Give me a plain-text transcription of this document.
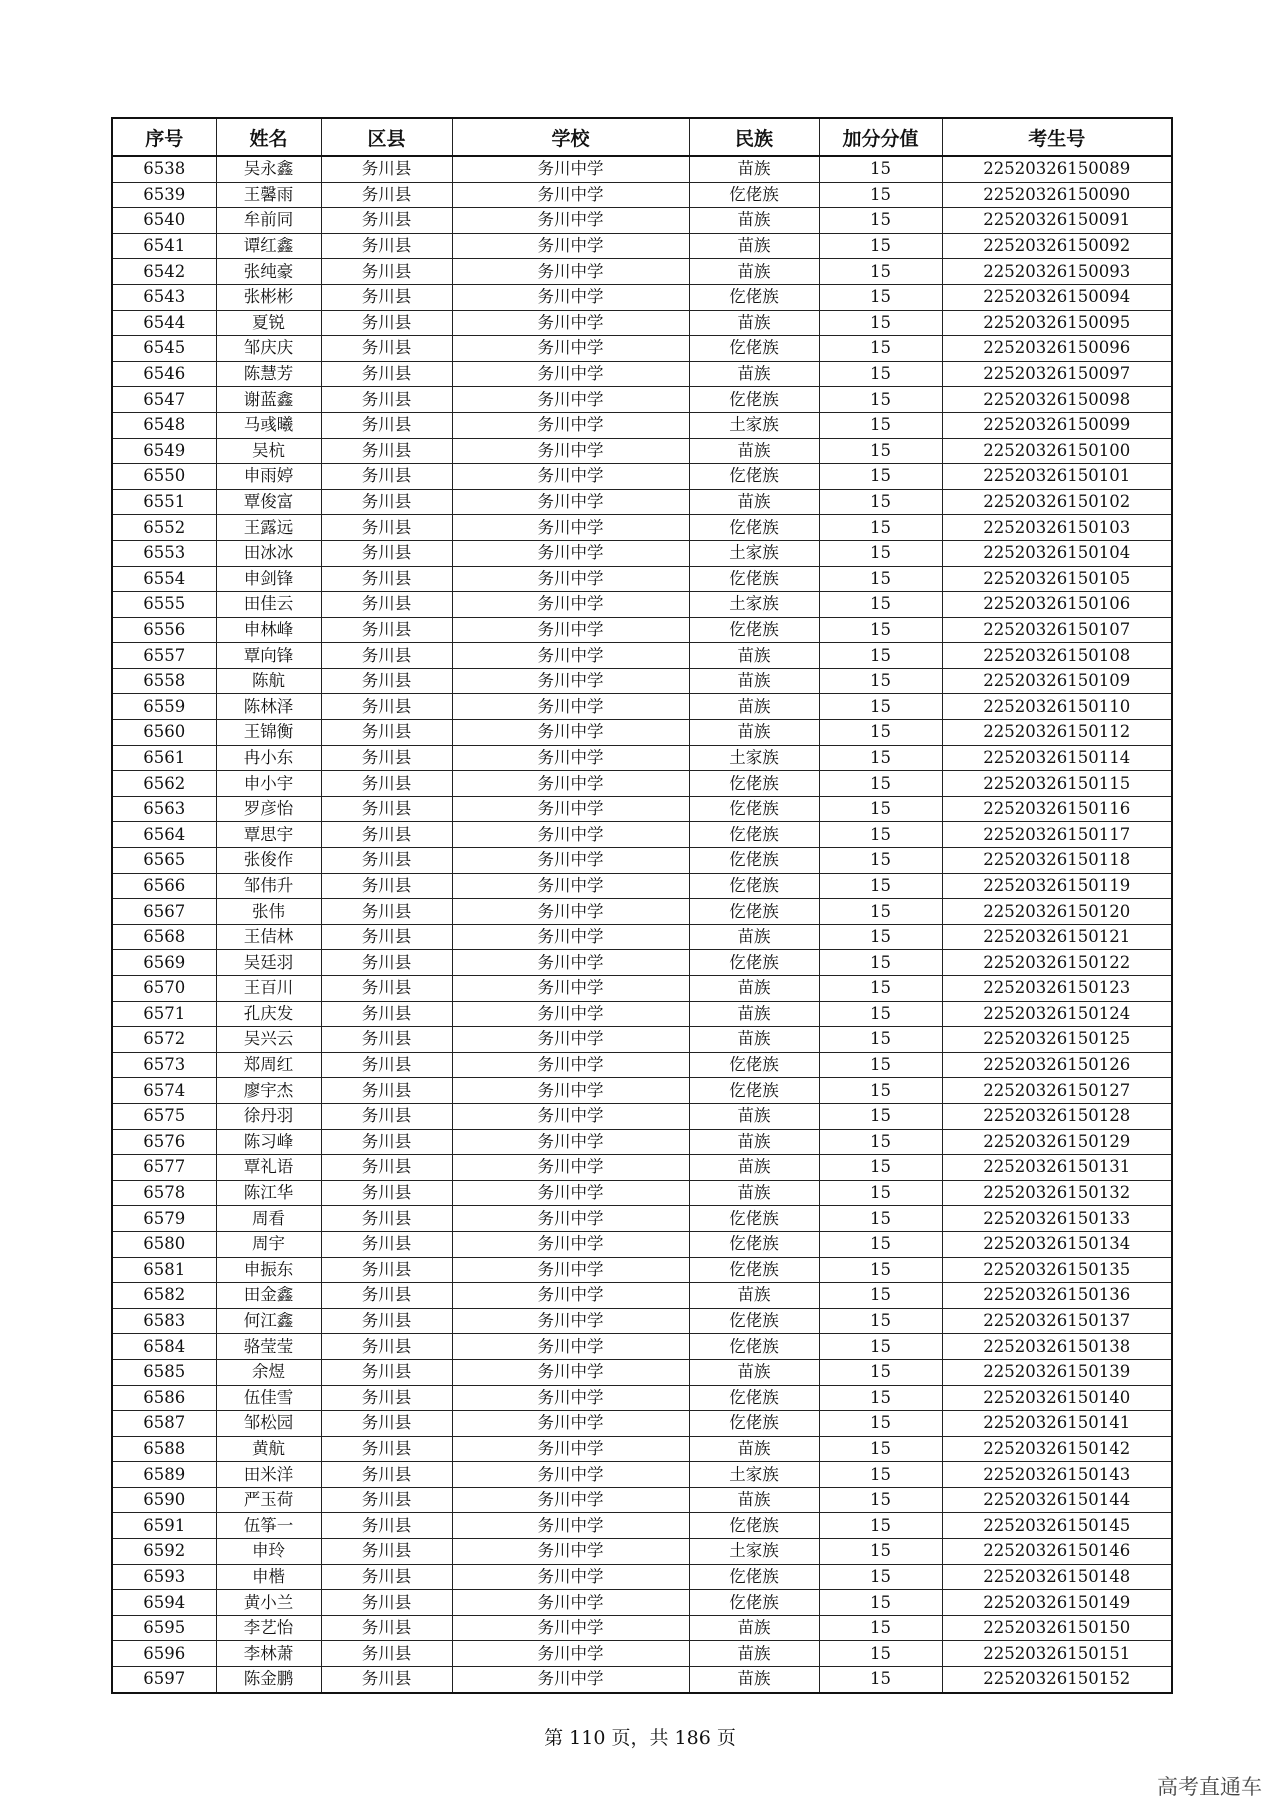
序号	姓名	区县	学校	民族	加分分值	考生号
6538	吴永鑫	务川县	务川中学	苗族	15	22520326150089
6539	王馨雨	务川县	务川中学	仡佬族	15	22520326150090
6540	牟前同	务川县	务川中学	苗族	15	22520326150091
6541	谭红鑫	务川县	务川中学	苗族	15	22520326150092
6542	张纯豪	务川县	务川中学	苗族	15	22520326150093
6543	张彬彬	务川县	务川中学	仡佬族	15	22520326150094
6544	夏锐	务川县	务川中学	苗族	15	22520326150095
6545	邹庆庆	务川县	务川中学	仡佬族	15	22520326150096
6546	陈慧芳	务川县	务川中学	苗族	15	22520326150097
6547	谢蓝鑫	务川县	务川中学	仡佬族	15	22520326150098
6548	马彧曦	务川县	务川中学	土家族	15	22520326150099
6549	吴杭	务川县	务川中学	苗族	15	22520326150100
6550	申雨婷	务川县	务川中学	仡佬族	15	22520326150101
6551	覃俊富	务川县	务川中学	苗族	15	22520326150102
6552	王露远	务川县	务川中学	仡佬族	15	22520326150103
6553	田冰冰	务川县	务川中学	土家族	15	22520326150104
6554	申剑锋	务川县	务川中学	仡佬族	15	22520326150105
6555	田佳云	务川县	务川中学	土家族	15	22520326150106
6556	申林峰	务川县	务川中学	仡佬族	15	22520326150107
6557	覃向锋	务川县	务川中学	苗族	15	22520326150108
6558	陈航	务川县	务川中学	苗族	15	22520326150109
6559	陈林泽	务川县	务川中学	苗族	15	22520326150110
6560	王锦衡	务川县	务川中学	苗族	15	22520326150112
6561	冉小东	务川县	务川中学	土家族	15	22520326150114
6562	申小宇	务川县	务川中学	仡佬族	15	22520326150115
6563	罗彦怡	务川县	务川中学	仡佬族	15	22520326150116
6564	覃思宇	务川县	务川中学	仡佬族	15	22520326150117
6565	张俊作	务川县	务川中学	仡佬族	15	22520326150118
6566	邹伟升	务川县	务川中学	仡佬族	15	22520326150119
6567	张伟	务川县	务川中学	仡佬族	15	22520326150120
6568	王佶林	务川县	务川中学	苗族	15	22520326150121
6569	吴廷羽	务川县	务川中学	仡佬族	15	22520326150122
6570	王百川	务川县	务川中学	苗族	15	22520326150123
6571	孔庆发	务川县	务川中学	苗族	15	22520326150124
6572	吴兴云	务川县	务川中学	苗族	15	22520326150125
6573	郑周红	务川县	务川中学	仡佬族	15	22520326150126
6574	廖宇杰	务川县	务川中学	仡佬族	15	22520326150127
6575	徐丹羽	务川县	务川中学	苗族	15	22520326150128
6576	陈习峰	务川县	务川中学	苗族	15	22520326150129
6577	覃礼语	务川县	务川中学	苗族	15	22520326150131
6578	陈江华	务川县	务川中学	苗族	15	22520326150132
6579	周看	务川县	务川中学	仡佬族	15	22520326150133
6580	周宇	务川县	务川中学	仡佬族	15	22520326150134
6581	申振东	务川县	务川中学	仡佬族	15	22520326150135
6582	田金鑫	务川县	务川中学	苗族	15	22520326150136
6583	何江鑫	务川县	务川中学	仡佬族	15	22520326150137
6584	骆莹莹	务川县	务川中学	仡佬族	15	22520326150138
6585	余煜	务川县	务川中学	苗族	15	22520326150139
6586	伍佳雪	务川县	务川中学	仡佬族	15	22520326150140
6587	邹松园	务川县	务川中学	仡佬族	15	22520326150141
6588	黄航	务川县	务川中学	苗族	15	22520326150142
6589	田米洋	务川县	务川中学	土家族	15	22520326150143
6590	严玉荷	务川县	务川中学	苗族	15	22520326150144
6591	伍筝一	务川县	务川中学	仡佬族	15	22520326150145
6592	申玲	务川县	务川中学	土家族	15	22520326150146
6593	申楷	务川县	务川中学	仡佬族	15	22520326150148
6594	黄小兰	务川县	务川中学	仡佬族	15	22520326150149
6595	李艺怡	务川县	务川中学	苗族	15	22520326150150
6596	李林萧	务川县	务川中学	苗族	15	22520326150151
6597	陈金鹏	务川县	务川中学	苗族	15	22520326150152
第 110 页，共 186 页
高考直通车
